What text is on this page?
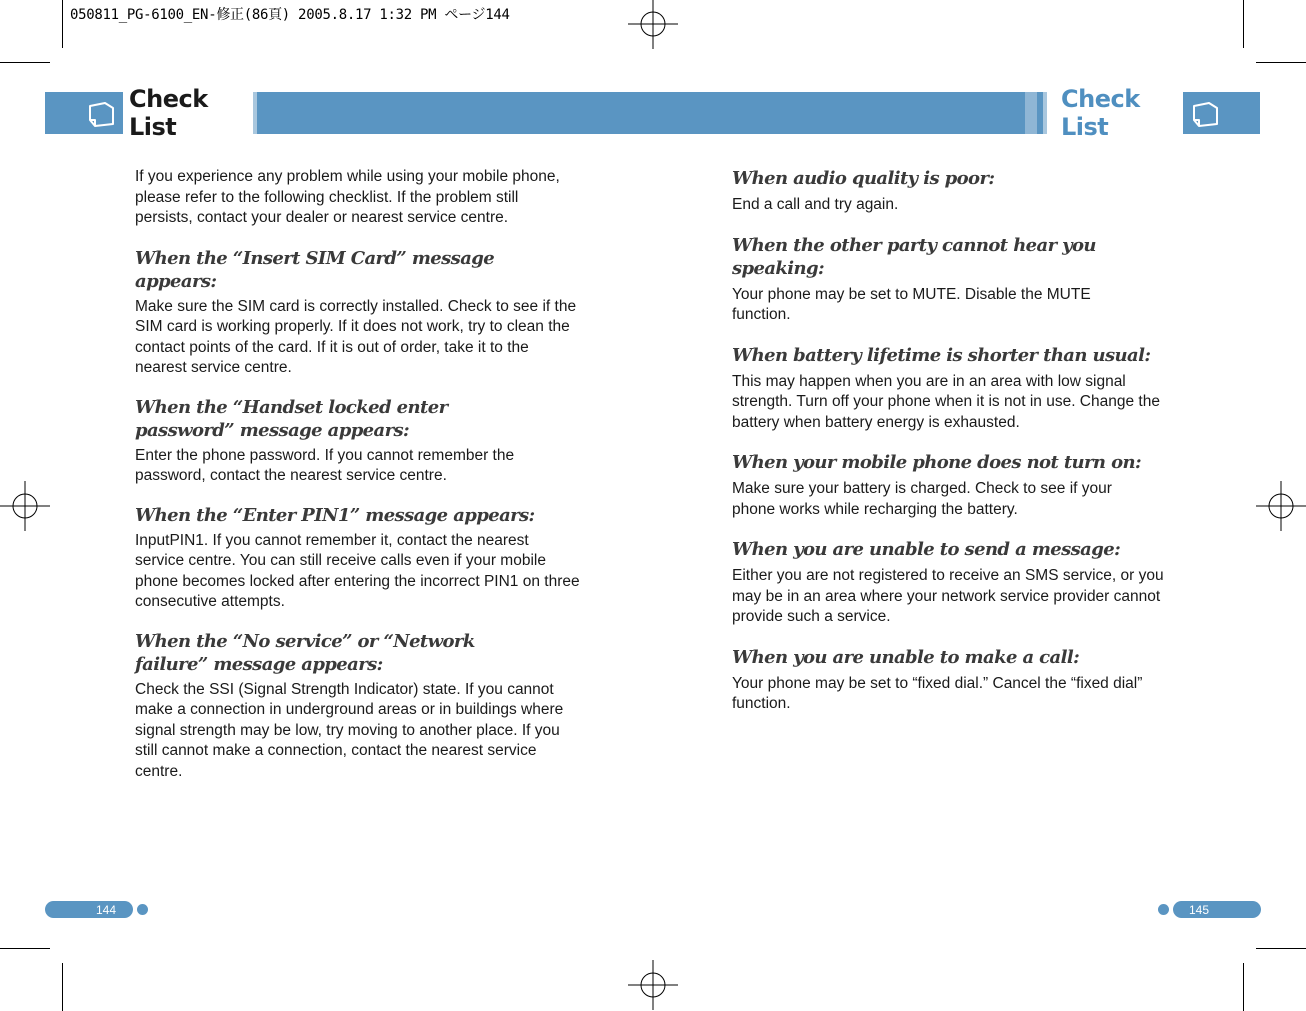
050811_PG-6100_EN-修正(86頁) 2005.8.17 1:32 PM ページ144
Check List
Check List

If you experience any problem while using your mobile phone, please refer to the following checklist. If the problem still persists, contact your dealer or nearest service centre.

When the “Insert SIM Card” message appears:

Make sure the SIM card is correctly installed. Check to see if the SIM card is working properly. If it does not work, try to clean the contact points of the card. If it is out of order, take it to the nearest service centre.

When the “Handset locked enter password” message appears:

Enter the phone password. If you cannot remember the password, contact the nearest service centre.

When the “Enter PIN1” message appears:

InputPIN1. If you cannot remember it, contact the nearest service centre. You can still receive calls even if your mobile phone becomes locked after entering the incorrect PIN1 on three consecutive attempts.

When the “No service” or “Network failure” message appears:

Check the SSI (Signal Strength Indicator) state. If you cannot make a connection in underground areas or in buildings where signal strength may be low, try moving to another place. If you still cannot make a connection, contact the nearest service centre.

When audio quality is poor:

End a call and try again.

When the other party cannot hear you speaking:

Your phone may be set to MUTE. Disable the MUTE function.

When battery lifetime is shorter than usual:

This may happen when you are in an area with low signal strength. Turn off your phone when it is not in use. Change the battery when battery energy is exhausted.

When your mobile phone does not turn on:

Make sure your battery is charged. Check to see if your phone works while recharging the battery.

When you are unable to send a message:

Either you are not registered to receive an SMS service, or you may be in an area where your network service provider cannot provide such a service.

When you are unable to make a call:

Your phone may be set to “fixed dial.” Cancel the “fixed dial” function.

144	145
